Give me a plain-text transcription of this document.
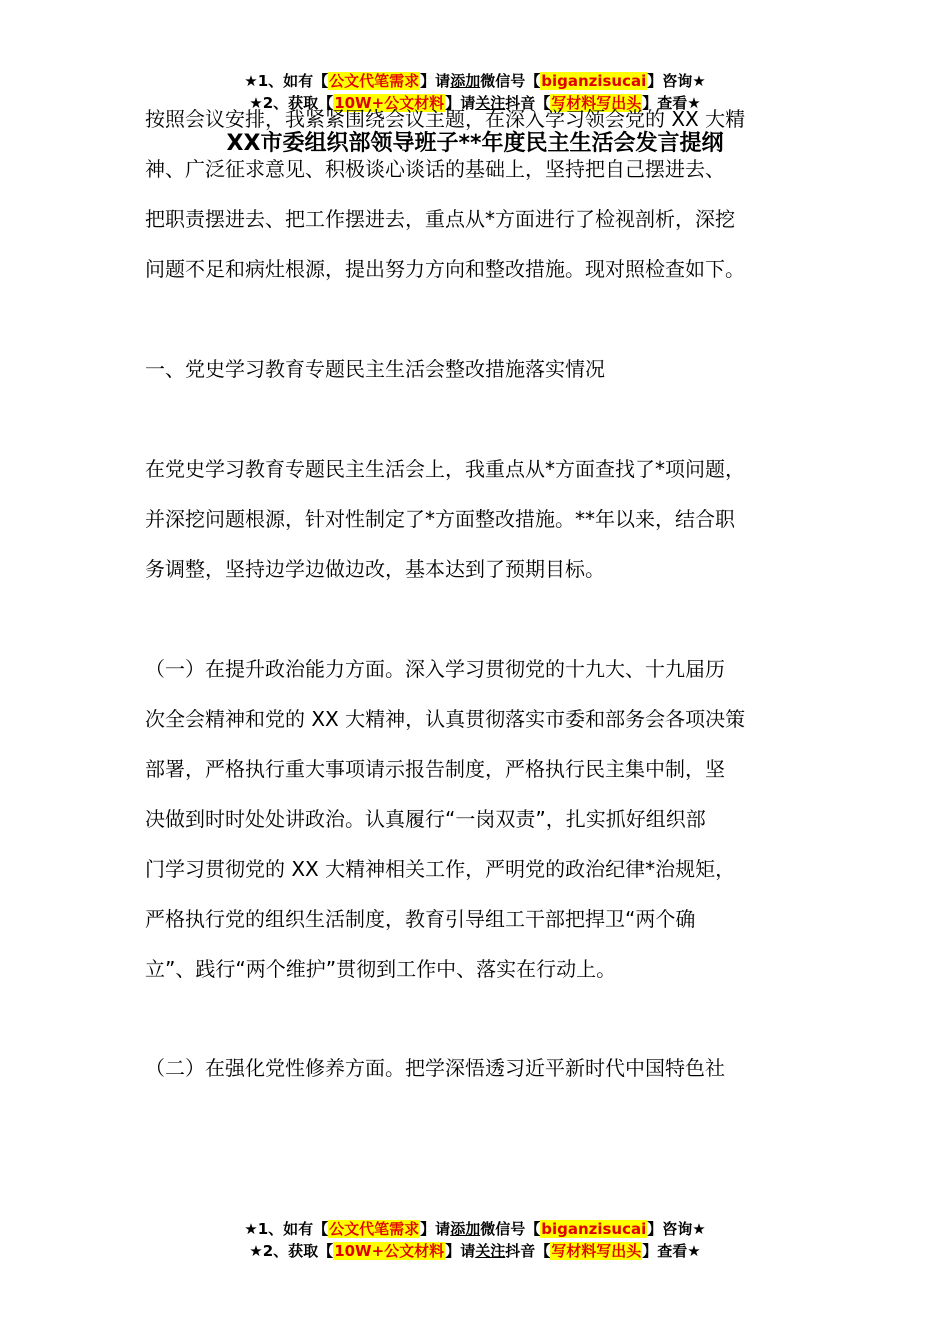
★1、如有【公文代笔需求】请添加微信号【biganzisucai】咨询★
★2、获取【10W+公文材料】请关注抖音【写材料写出头】查看★
XX市委组织部领导班子**年度民主生活会发言提纲
按照会议安排，我紧紧围绕会议主题，在深入学习领会党的 XX 大精
神、广泛征求意见、积极谈心谈话的基础上，坚持把自己摆进去、
把职责摆进去、把工作摆进去，重点从*方面进行了检视剖析，深挖
问题不足和病灶根源，提出努力方向和整改措施。现对照检查如下。
一、党史学习教育专题民主生活会整改措施落实情况
在党史学习教育专题民主生活会上，我重点从*方面查找了*项问题，
并深挖问题根源，针对性制定了*方面整改措施。**年以来，结合职
务调整，坚持边学边做边改，基本达到了预期目标。
（一）在提升政治能力方面。深入学习贯彻党的十九大、十九届历
次全会精神和党的 XX 大精神，认真贯彻落实市委和部务会各项决策
部署，严格执行重大事项请示报告制度，严格执行民主集中制，坚
决做到时时处处讲政治。认真履行“一岗双责”，扎实抓好组织部
门学习贯彻党的 XX 大精神相关工作，严明党的政治纪律*治规矩，
严格执行党的组织生活制度，教育引导组工干部把捍卫“两个确
立”、践行“两个维护”贯彻到工作中、落实在行动上。
（二）在强化党性修养方面。把学深悟透习近平新时代中国特色社
★1、如有【公文代笔需求】请添加微信号【biganzisucai】咨询★
★2、获取【10W+公文材料】请关注抖音【写材料写出头】查看★
